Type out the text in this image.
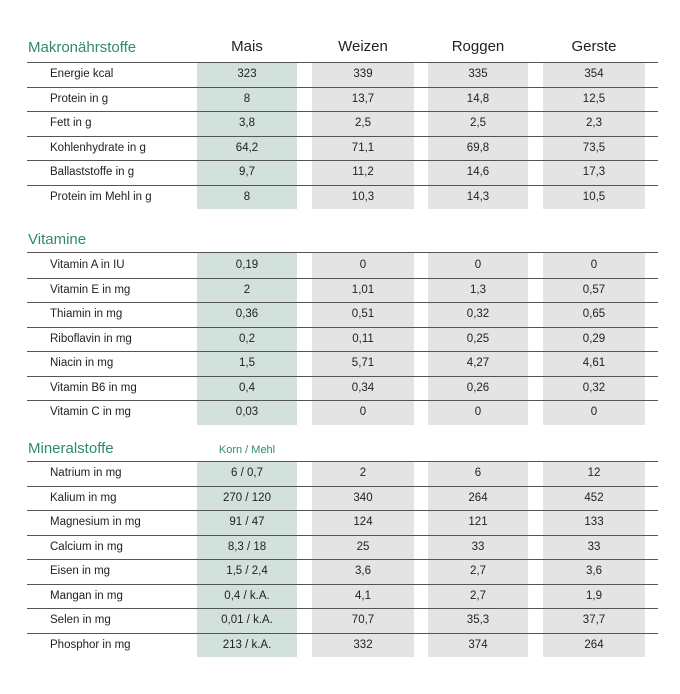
Mais	Weizen	Roggen	Gerste
Makronährstoffe
Energie kcal	323	339	335	354
Protein in g	8	13,7	14,8	12,5
Fett in g	3,8	2,5	2,5	2,3
Kohlenhydrate in g	64,2	71,1	69,8	73,5
Ballaststoffe in g	9,7	11,2	14,6	17,3
Protein im Mehl in g	8	10,3	14,3	10,5
Vitamine
Vitamin A in IU	0,19	0	0	0
Vitamin E in mg	2	1,01	1,3	0,57
Thiamin in mg	0,36	0,51	0,32	0,65
Riboflavin in mg	0,2	0,11	0,25	0,29
Niacin in mg	1,5	5,71	4,27	4,61
Vitamin B6 in mg	0,4	0,34	0,26	0,32
Vitamin C in mg	0,03	0	0	0
Mineralstoffe	Korn / Mehl
Natrium in mg	6 / 0,7	2	6	12
Kalium in mg	270 / 120	340	264	452
Magnesium in mg	91 / 47	124	121	133
Calcium in mg	8,3 / 18	25	33	33
Eisen in mg	1,5 / 2,4	3,6	2,7	3,6
Mangan in mg	0,4 / k.A.	4,1	2,7	1,9
Selen in mg	0,01 / k.A.	70,7	35,3	37,7
Phosphor in mg	213 / k.A.	332	374	264
